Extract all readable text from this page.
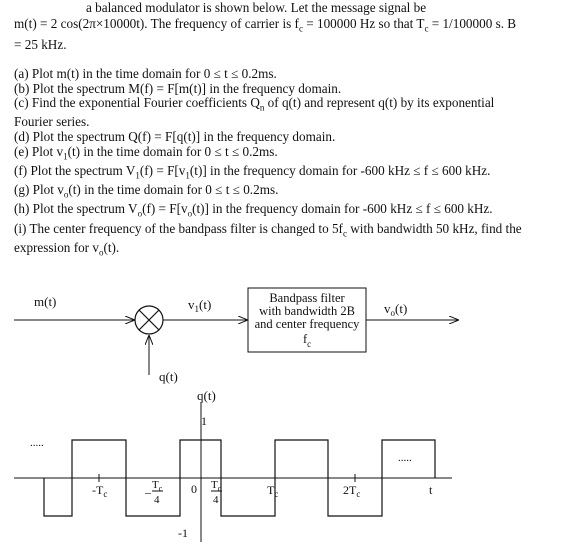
a balanced modulator is shown below. Let the message signal be

m(t) = 2 cos(2π×10000t). The frequency of carrier is $f_c = 100000$ Hz so that $T_c = 1/100000$ s. B

= 25 kHz.

(a) Plot m(t) in the time domain for 0 ≤ t ≤ 0.2ms.

(b) Plot the spectrum M(f) = F[m(t)] in the frequency domain.

(c) Find the exponential Fourier coefficients $Q_n$ of q(t) and represent q(t) by its exponential
Fourier series.

(d) Plot the spectrum Q(f) = F[q(t)] in the frequency domain.

(e) Plot $v_1(t)$ in the time domain for 0 ≤ t ≤ 0.2ms.

(f) Plot the spectrum $V_1(f) = F[v_1(t)]$ in the frequency domain for -600 kHz ≤ f ≤ 600 kHz.

(g) Plot $v_o(t)$ in the time domain for 0 ≤ t ≤ 0.2ms.

(h) Plot the spectrum $V_o(f) = F[v_o(t)]$ in the frequency domain for -600 kHz ≤ f ≤ 600 kHz.

(i) The center frequency of the bandpass filter is changed to $5f_c$ with bandwidth 50 kHz, find the
expression for $v_o(t)$.

m(t)	$v_1(t)$
q(t)
Bandpass filter
with bandwidth 2B
and center frequency
$f_c$
$v_o(t)$
q(t)
1
-1
.....
.....
$-T_c$	– $T_c$
4
0 $T_c$
4
$T_c$	$2T_c$	t
